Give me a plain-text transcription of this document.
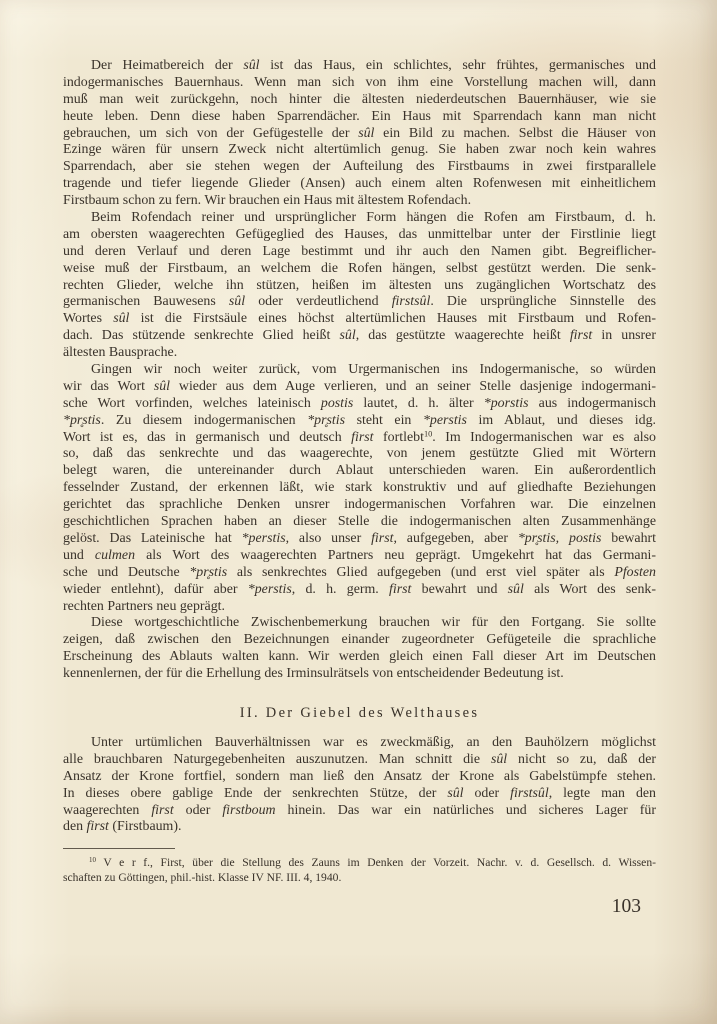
Der Heimatbereich der sûl ist das Haus, ein schlichtes, sehr frühtes, germanisches und
indogermanisches Bauernhaus. Wenn man sich von ihm eine Vorstellung machen will, dann
muß man weit zurückgehn, noch hinter die ältesten niederdeutschen Bauernhäuser, wie sie
heute leben. Denn diese haben Sparrendächer. Ein Haus mit Sparrendach kann man nicht
gebrauchen, um sich von der Gefügestelle der sûl ein Bild zu machen. Selbst die Häuser von
Ezinge wären für unsern Zweck nicht altertümlich genug. Sie haben zwar noch kein wahres
Sparrendach, aber sie stehen wegen der Aufteilung des Firstbaums in zwei firstparallele
tragende und tiefer liegende Glieder (Ansen) auch einem alten Rofenwesen mit einheitlichem
Firstbaum schon zu fern. Wir brauchen ein Haus mit ältestem Rofendach.
Beim Rofendach reiner und ursprünglicher Form hängen die Rofen am Firstbaum, d. h.
am obersten waagerechten Gefügeglied des Hauses, das unmittelbar unter der Firstlinie liegt
und deren Verlauf und deren Lage bestimmt und ihr auch den Namen gibt. Begreiflicher-
weise muß der Firstbaum, an welchem die Rofen hängen, selbst gestützt werden. Die senk-
rechten Glieder, welche ihn stützen, heißen im ältesten uns zugänglichen Wortschatz des
germanischen Bauwesens sûl oder verdeutlichend firstsûl. Die ursprüngliche Sinnstelle des
Wortes sûl ist die Firstsäule eines höchst altertümlichen Hauses mit Firstbaum und Rofen-
dach. Das stützende senkrechte Glied heißt sûl, das gestützte waagerechte heißt first in unsrer
ältesten Bausprache.
Gingen wir noch weiter zurück, vom Urgermanischen ins Indogermanische, so würden
wir das Wort sûl wieder aus dem Auge verlieren, und an seiner Stelle dasjenige indogermani-
sche Wort vorfinden, welches lateinisch postis lautet, d. h. älter *porstis aus indogermanisch
*pr̥stis. Zu diesem indogermanischen *pr̥stis steht ein *perstis im Ablaut, und dieses idg.
Wort ist es, das in germanisch und deutsch first fortlebt$^{10}$. Im Indogermanischen war es also
so, daß das senkrechte und das waagerechte, von jenem gestützte Glied mit Wörtern
belegt waren, die untereinander durch Ablaut unterschieden waren. Ein außerordentlich
fesselnder Zustand, der erkennen läßt, wie stark konstruktiv und auf gliedhafte Beziehungen
gerichtet das sprachliche Denken unsrer indogermanischen Vorfahren war. Die einzelnen
geschichtlichen Sprachen haben an dieser Stelle die indogermanischen alten Zusammenhänge
gelöst. Das Lateinische hat *perstis, also unser first, aufgegeben, aber *pr̥stis, postis bewahrt
und culmen als Wort des waagerechten Partners neu geprägt. Umgekehrt hat das Germani-
sche und Deutsche *pr̥stis als senkrechtes Glied aufgegeben (und erst viel später als Pfosten
wieder entlehnt), dafür aber *perstis, d. h. germ. first bewahrt und sûl als Wort des senk-
rechten Partners neu geprägt.
Diese wortgeschichtliche Zwischenbemerkung brauchen wir für den Fortgang. Sie sollte
zeigen, daß zwischen den Bezeichnungen einander zugeordneter Gefügeteile die sprachliche
Erscheinung des Ablauts walten kann. Wir werden gleich einen Fall dieser Art im Deutschen
kennenlernen, der für die Erhellung des Irminsulrätsels von entscheidender Bedeutung ist.
II. Der Giebel des Welthauses
Unter urtümlichen Bauverhältnissen war es zweckmäßig, an den Bauhölzern möglichst
alle brauchbaren Naturgegebenheiten auszunutzen. Man schnitt die sûl nicht so zu, daß der
Ansatz der Krone fortfiel, sondern man ließ den Ansatz der Krone als Gabelstümpfe stehen.
In dieses obere gablige Ende der senkrechten Stütze, der sûl oder firstsûl, legte man den
waagerechten first oder firstboum hinein. Das war ein natürliches und sicheres Lager für
den first (Firstbaum).
$^{10}$ V e r f., First, über die Stellung des Zauns im Denken der Vorzeit. Nachr. v. d. Gesellsch. d. Wissen-
schaften zu Göttingen, phil.-hist. Klasse IV NF. III. 4, 1940.
103
